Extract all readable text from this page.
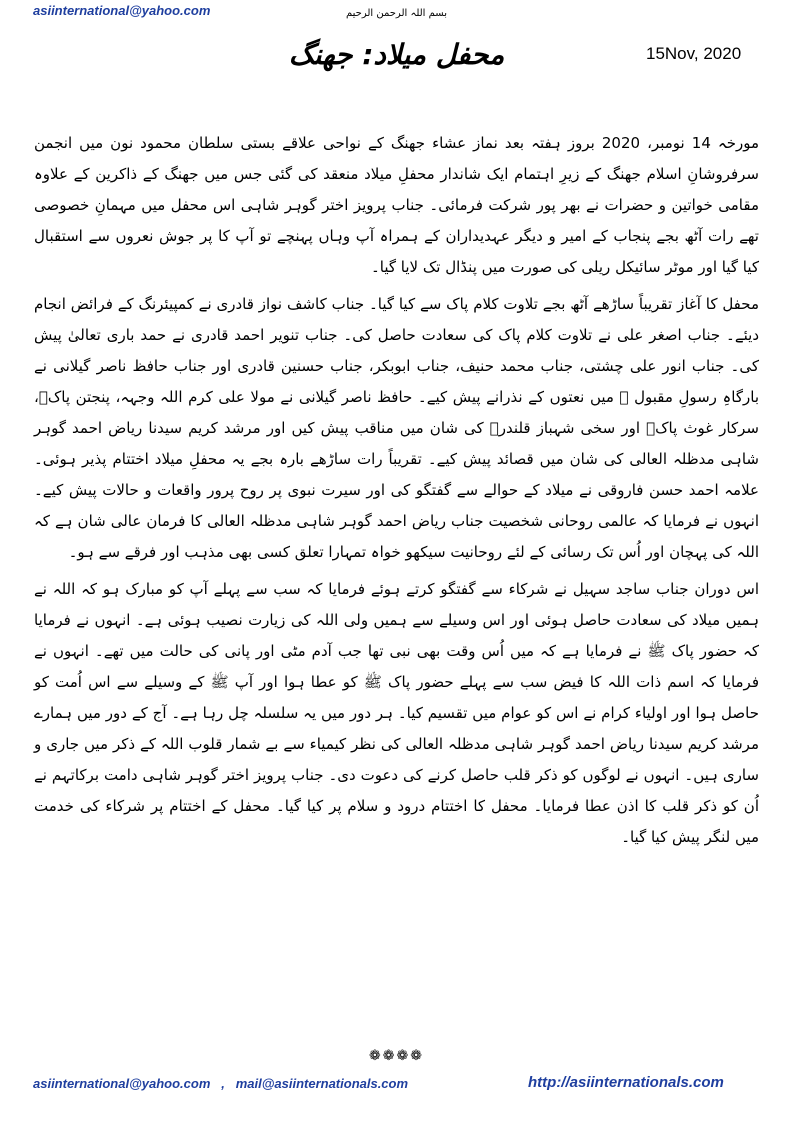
asiinternational@yahoo.com	بسم اللہ الرحمن الرحیم
15Nov, 2020
محفل میلاد: جھنگ

مورخہ 14 نومبر، 2020 بروز ہفتہ بعد نماز عشاء جھنگ کے نواحی علاقے بستی سلطان محمود نون میں انجمن سرفروشانِ اسلام جھنگ کے زیرِ اہتمام ایک شاندار محفلِ میلاد منعقد کی گئی جس میں جھنگ کے ذاکرین کے علاوہ مقامی خواتین و حضرات نے بھر پور شرکت فرمائی۔ جناب پرویز اختر گوہر شاہی اس محفل میں مہمانِ خصوصی تھے رات آٹھ بجے پنجاب کے امیر و دیگر عہدیداران کے ہمراہ آپ وہاں پہنچے تو آپ کا پر جوش نعروں سے استقبال کیا گیا اور موٹر سائیکل ریلی کی صورت میں پنڈال تک لایا گیا۔

محفل کا آغاز تقریباً ساڑھے آٹھ بجے تلاوت کلام پاک سے کیا گیا۔ جناب کاشف نواز قادری نے کمپیئرنگ کے فرائض انجام دیئے۔ جناب اصغر علی نے تلاوت کلام پاک کی سعادت حاصل کی۔ جناب تنویر احمد قادری نے حمد باری تعالیٰ پیش کی۔ جناب انور علی چشتی، جناب محمد حنیف، جناب ابوبکر، جناب حسنین قادری اور جناب حافظ ناصر گیلانی نے بارگاہِ رسولِ مقبول ﷺ میں نعتوں کے نذرانے پیش کیے۔ حافظ ناصر گیلانی نے مولا علی کرم اللہ وجہہ، پنجتن پاکؑ، سرکار غوث پاکؓ اور سخی شہباز قلندرؒ کی شان میں مناقب پیش کیں اور مرشد کریم سیدنا ریاض احمد گوہر شاہی مدظلہ العالی کی شان میں قصائد پیش کیے۔ تقریباً رات ساڑھے بارہ بجے یہ محفلِ میلاد اختتام پذیر ہوئی۔ علامہ احمد حسن فاروقی نے میلاد کے حوالے سے گفتگو کی اور سیرت نبوی پر روح پرور واقعات و حالات پیش کیے۔ انہوں نے فرمایا کہ عالمی روحانی شخصیت جناب ریاض احمد گوہر شاہی مدظلہ العالی کا فرمان عالی شان ہے کہ اللہ کی پہچان اور اُس تک رسائی کے لئے روحانیت سیکھو خواہ تمہارا تعلق کسی بھی مذہب اور فرقے سے ہو۔

اس دوران جناب ساجد سہیل نے شرکاء سے گفتگو کرتے ہوئے فرمایا کہ سب سے پہلے آپ کو مبارک ہو کہ اللہ نے ہمیں میلاد کی سعادت حاصل ہوئی اور اس وسیلے سے ہمیں ولی اللہ کی زیارت نصیب ہوئی ہے۔ انہوں نے فرمایا کہ حضور پاک ﷺ نے فرمایا ہے کہ میں اُس وقت بھی نبی تھا جب آدم مٹی اور پانی کی حالت میں تھے۔ انہوں نے فرمایا کہ اسم ذات اللہ کا فیض سب سے پہلے حضور پاک ﷺ کو عطا ہوا اور آپ ﷺ کے وسیلے سے اس اُمت کو حاصل ہوا اور اولیاء کرام نے اس کو عوام میں تقسیم کیا۔ ہر دور میں یہ سلسلہ چل رہا ہے۔ آج کے دور میں ہمارے مرشد کریم سیدنا ریاض احمد گوہر شاہی مدظلہ العالی کی نظر کیمیاء سے بے شمار قلوب اللہ کے ذکر میں جاری و ساری ہیں۔ انہوں نے لوگوں کو ذکر قلب حاصل کرنے کی دعوت دی۔ جناب پرویز اختر گوہر شاہی دامت برکاتہم نے اُن کو ذکر قلب کا اذن عطا فرمایا۔ محفل کا اختتام درود و سلام پر کیا گیا۔ محفل کے اختتام پر شرکاء کی خدمت میں لنگر پیش کیا گیا۔

❁❁❁❁
asiinternational@yahoo.com , mail@asiinternationals.com	http://asiinternationals.com
